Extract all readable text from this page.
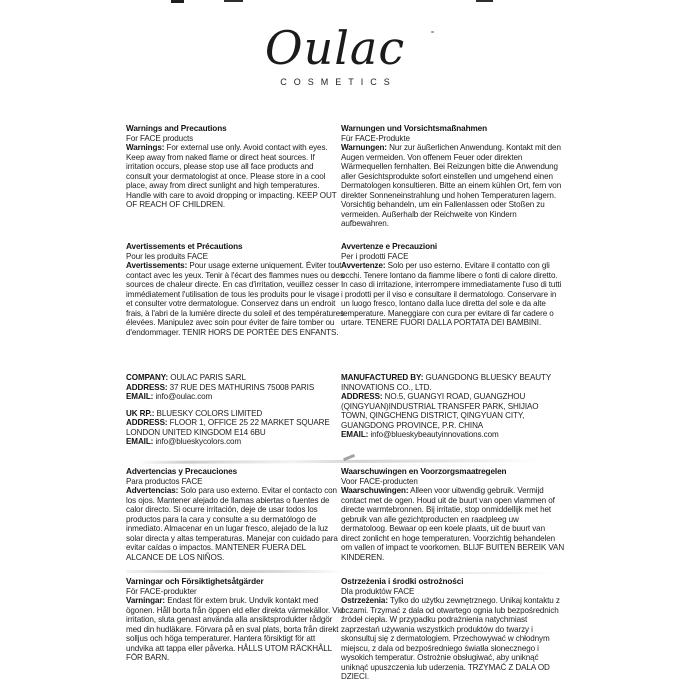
Oulac
COSMETICS
Warnings and Precautions
For FACE products

Warnings: For external use only. Avoid contact with eyes. Keep away from naked flame or direct heat sources. If irritation occurs, please stop use all face products and consult your dermatologist at once. Please store in a cool place, away from direct sunlight and high temperatures. Handle with care to avoid dropping or impacting. KEEP OUT OF REACH OF CHILDREN.

Warnungen und Vorsichtsmaßnahmen
Für FACE-Produkte

Warnungen: Nur zur äußerlichen Anwendung. Kontakt mit den Augen vermeiden. Von offenem Feuer oder direkten Wärmequellen fernhalten. Bei Reizungen bitte die Anwendung aller Gesichtsprodukte sofort einstellen und umgehend einen Dermatologen konsultieren. Bitte an einem kühlen Ort, fern von direkter Sonneneinstrahlung und hohen Temperaturen lagern. Vorsichtig behandeln, um ein Fallenlassen oder Stoßen zu vermeiden. Außerhalb der Reichweite von Kindern aufbewahren.

Avertissements et Précautions
Pour les produits FACE

Avertissements: Pour usage externe uniquement. Éviter tout contact avec les yeux. Tenir à l'écart des flammes nues ou des sources de chaleur directe. En cas d'irritation, veuillez cesser immédiatement l'utilisation de tous les produits pour le visage et consulter votre dermatologue. Conservez dans un endroit frais, à l'abri de la lumière directe du soleil et des températures élevées. Manipulez avec soin pour éviter de faire tomber ou d'endommager. TENIR HORS DE PORTÉE DES ENFANTS.

Avvertenze e Precauzioni
Per i prodotti FACE

Avvertenze: Solo per uso esterno. Evitare il contatto con gli occhi. Tenere lontano da fiamme libere o fonti di calore diretto. In caso di irritazione, interrompere immediatamente l'uso di tutti i prodotti per il viso e consultare il dermatologo. Conservare in un luogo fresco, lontano dalla luce diretta del sole e da alte temperature. Maneggiare con cura per evitare di far cadere o urtare. TENERE FUORI DALLA PORTATA DEI BAMBINI.

COMPANY: OULAC PARIS SARL
ADDRESS: 37 RUE DES MATHURINS 75008 PARIS
EMAIL: info@oulac.com
UK RP.: BLUESKY COLORS LIMITED
ADDRESS: FLOOR 1, OFFICE 25 22 MARKET SQUARE LONDON UNITED KINGDOM E14 6BU
EMAIL: info@blueskycolors.com
MANUFACTURED BY: GUANGDONG BLUESKY BEAUTY INNOVATIONS CO., LTD.
ADDRESS: NO.5, GUANGYI ROAD, GUANGZHOU (QINGYUAN)INDUSTRIAL TRANSFER PARK, SHIJIAO TOWN, QINGCHENG DISTRICT, QINGYUAN CITY, GUANGDONG PROVINCE, P.R. CHINA
EMAIL: info@blueskybeautyinnovations.com
Advertencias y Precauciones
Para productos FACE

Advertencias: Solo para uso externo. Evitar el contacto con los ojos. Mantener alejado de llamas abiertas o fuentes de calor directo. Si ocurre irritación, deje de usar todos los productos para la cara y consulte a su dermatólogo de inmediato. Almacenar en un lugar fresco, alejado de la luz solar directa y altas temperaturas. Manejar con cuidado para evitar caídas o impactos. MANTENER FUERA DEL ALCANCE DE LOS NIÑOS.

Waarschuwingen en Voorzorgsmaatregelen
Voor FACE-producten

Waarschuwingen: Alleen voor uitwendig gebruik. Vermijd contact met de ogen. Houd uit de buurt van open vlammen of directe warmtebronnen. Bij irritatie, stop onmiddellijk met het gebruik van alle gezichtproducten en raadpleeg uw dermatoloog. Bewaar op een koele plaats, uit de buurt van direct zonlicht en hoge temperaturen. Voorzichtig behandelen om vallen of impact te voorkomen. BLIJF BUITEN BEREIK VAN KINDEREN.

Varningar och Försiktighetsåtgärder
För FACE-produkter

Varningar: Endast för extern bruk. Undvik kontakt med ögonen. Håll borta från öppen eld eller direkta värmekällor. Vid irritation, sluta genast använda alla ansiktsprodukter rådgör med din hudläkare. Förvara på en sval plats, borta från direkt solljus och höga temperaturer. Hantera försiktigt för att undvika att tappa eller påverka. HÅLLS UTOM RÄCKHÅLL FÖR BARN.

Ostrzeżenia i środki ostrożności
Dla produktów FACE

Ostrzeżenia: Tylko do użytku zewnętrznego. Unikaj kontaktu z oczami. Trzymać z dala od otwartego ognia lub bezpośrednich źródeł ciepła. W przypadku podrażnienia natychmiast zaprzestań używania wszystkich produktów do twarzy i skonsultuj się z dermatologiem. Przechowywać w chłodnym miejscu, z dala od bezpośredniego światła słonecznego i wysokich temperatur. Ostrożnie obsługiwać, aby uniknąć uniknąć upuszczenia lub uderzenia. TRZYMAĆ Z DALA OD DZIECI.
